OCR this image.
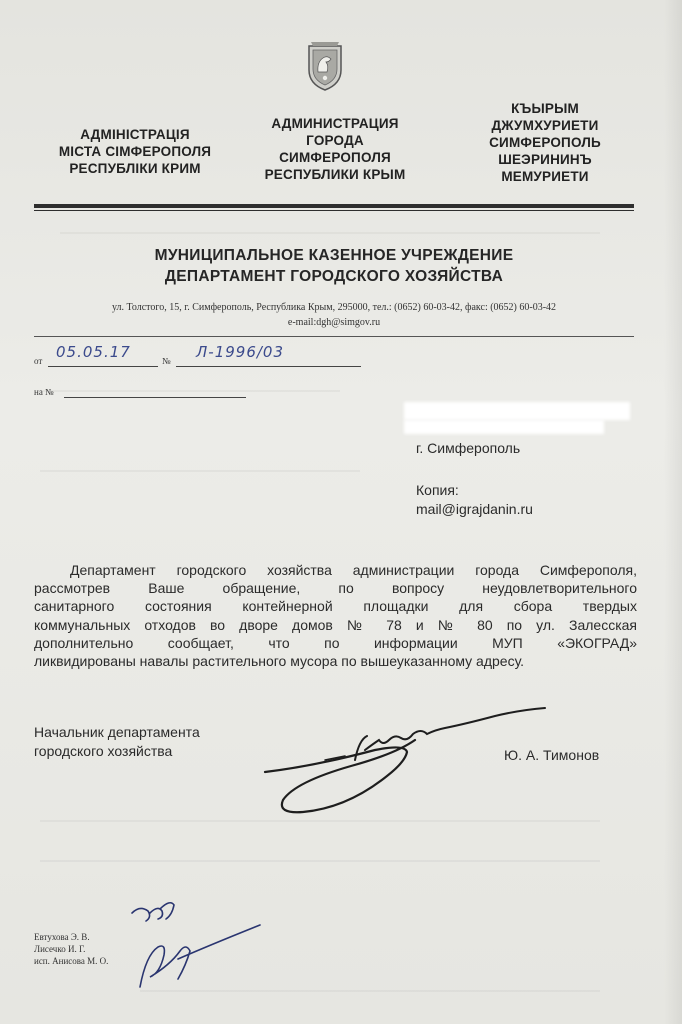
АДМІНІСТРАЦІЯ
МІСТА СІМФЕРОПОЛЯ
РЕСПУБЛІКИ КРИМ
АДМИНИСТРАЦИЯ
ГОРОДА
СИМФЕРОПОЛЯ
РЕСПУБЛИКИ КРЫМ
КЪЫРЫМ
ДЖУМХУРИЕТИ
СИМФЕРОПОЛЬ
ШЕЭРИНИНЪ
МЕМУРИЕТИ
МУНИЦИПАЛЬНОЕ КАЗЕННОЕ УЧРЕЖДЕНИЕ
ДЕПАРТАМЕНТ ГОРОДСКОГО ХОЗЯЙСТВА
ул. Толстого, 15, г. Симферополь, Республика Крым, 295000, тел.: (0652) 60-03-42, факс: (0652) 60-03-42
e-mail:dgh@simgov.ru
от 05.05.17	№ Л-1996/03
на №
г. Симферополь
Копия:
mail@igrajdanin.ru
Департамент городского хозяйства администрации города Симферополя,
рассмотрев Ваше обращение, по вопросу неудовлетворительного
санитарного состояния контейнерной площадки для сбора твердых
коммунальных отходов во дворе домов № 78 и № 80 по ул. Залесская
дополнительно сообщает, что по информации МУП «ЭКОГРАД»
ликвидированы навалы растительного мусора по вышеуказанному адресу.
Начальник департамента
городского хозяйства	Ю. А. Тимонов
Евтухова Э. В.
Лисечко И. Г.
исп. Анисова М. О.
